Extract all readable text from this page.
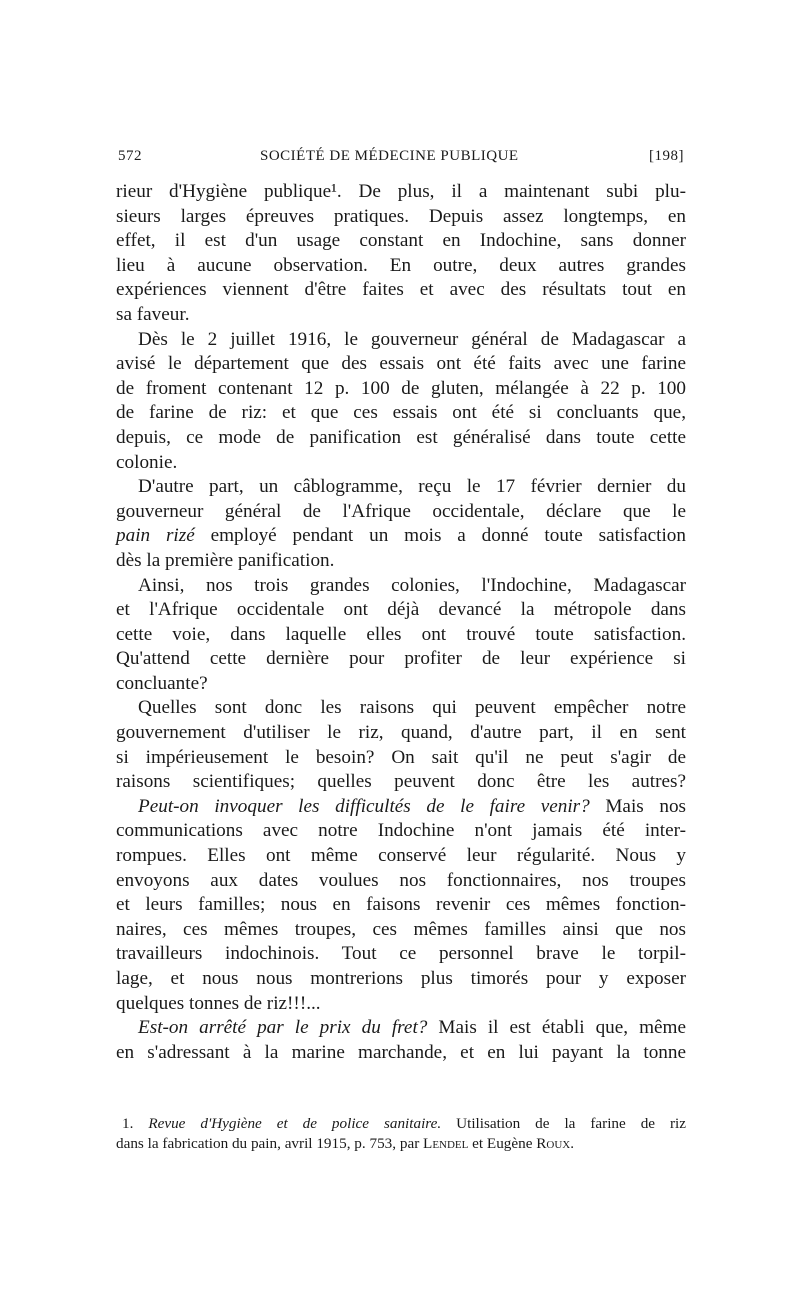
572	SOCIÉTÉ DE MÉDECINE PUBLIQUE	[198]
rieur d'Hygiène publique¹. De plus, il a maintenant subi plu-
sieurs larges épreuves pratiques. Depuis assez longtemps, en
effet, il est d'un usage constant en Indochine, sans donner
lieu à aucune observation. En outre, deux autres grandes
expériences viennent d'être faites et avec des résultats tout en
sa faveur.
Dès le 2 juillet 1916, le gouverneur général de Madagascar a
avisé le département que des essais ont été faits avec une farine
de froment contenant 12 p. 100 de gluten, mélangée à 22 p. 100
de farine de riz: et que ces essais ont été si concluants que,
depuis, ce mode de panification est généralisé dans toute cette
colonie.
D'autre part, un câblogramme, reçu le 17 février dernier du
gouverneur général de l'Afrique occidentale, déclare que le
pain rizé employé pendant un mois a donné toute satisfaction
dès la première panification.
Ainsi, nos trois grandes colonies, l'Indochine, Madagascar
et l'Afrique occidentale ont déjà devancé la métropole dans
cette voie, dans laquelle elles ont trouvé toute satisfaction.
Qu'attend cette dernière pour profiter de leur expérience si
concluante?
Quelles sont donc les raisons qui peuvent empêcher notre
gouvernement d'utiliser le riz, quand, d'autre part, il en sent
si impérieusement le besoin? On sait qu'il ne peut s'agir de
raisons scientifiques; quelles peuvent donc être les autres?
Peut-on invoquer les difficultés de le faire venir? Mais nos
communications avec notre Indochine n'ont jamais été inter-
rompues. Elles ont même conservé leur régularité. Nous y
envoyons aux dates voulues nos fonctionnaires, nos troupes
et leurs familles; nous en faisons revenir ces mêmes fonction-
naires, ces mêmes troupes, ces mêmes familles ainsi que nos
travailleurs indochinois. Tout ce personnel brave le torpil-
lage, et nous nous montrerions plus timorés pour y exposer
quelques tonnes de riz!!!...
Est-on arrêté par le prix du fret? Mais il est établi que, même
en s'adressant à la marine marchande, et en lui payant la tonne
1. Revue d'Hygiène et de police sanitaire. Utilisation de la farine de riz
dans la fabrication du pain, avril 1915, p. 753, par Lendel et Eugène Roux.
